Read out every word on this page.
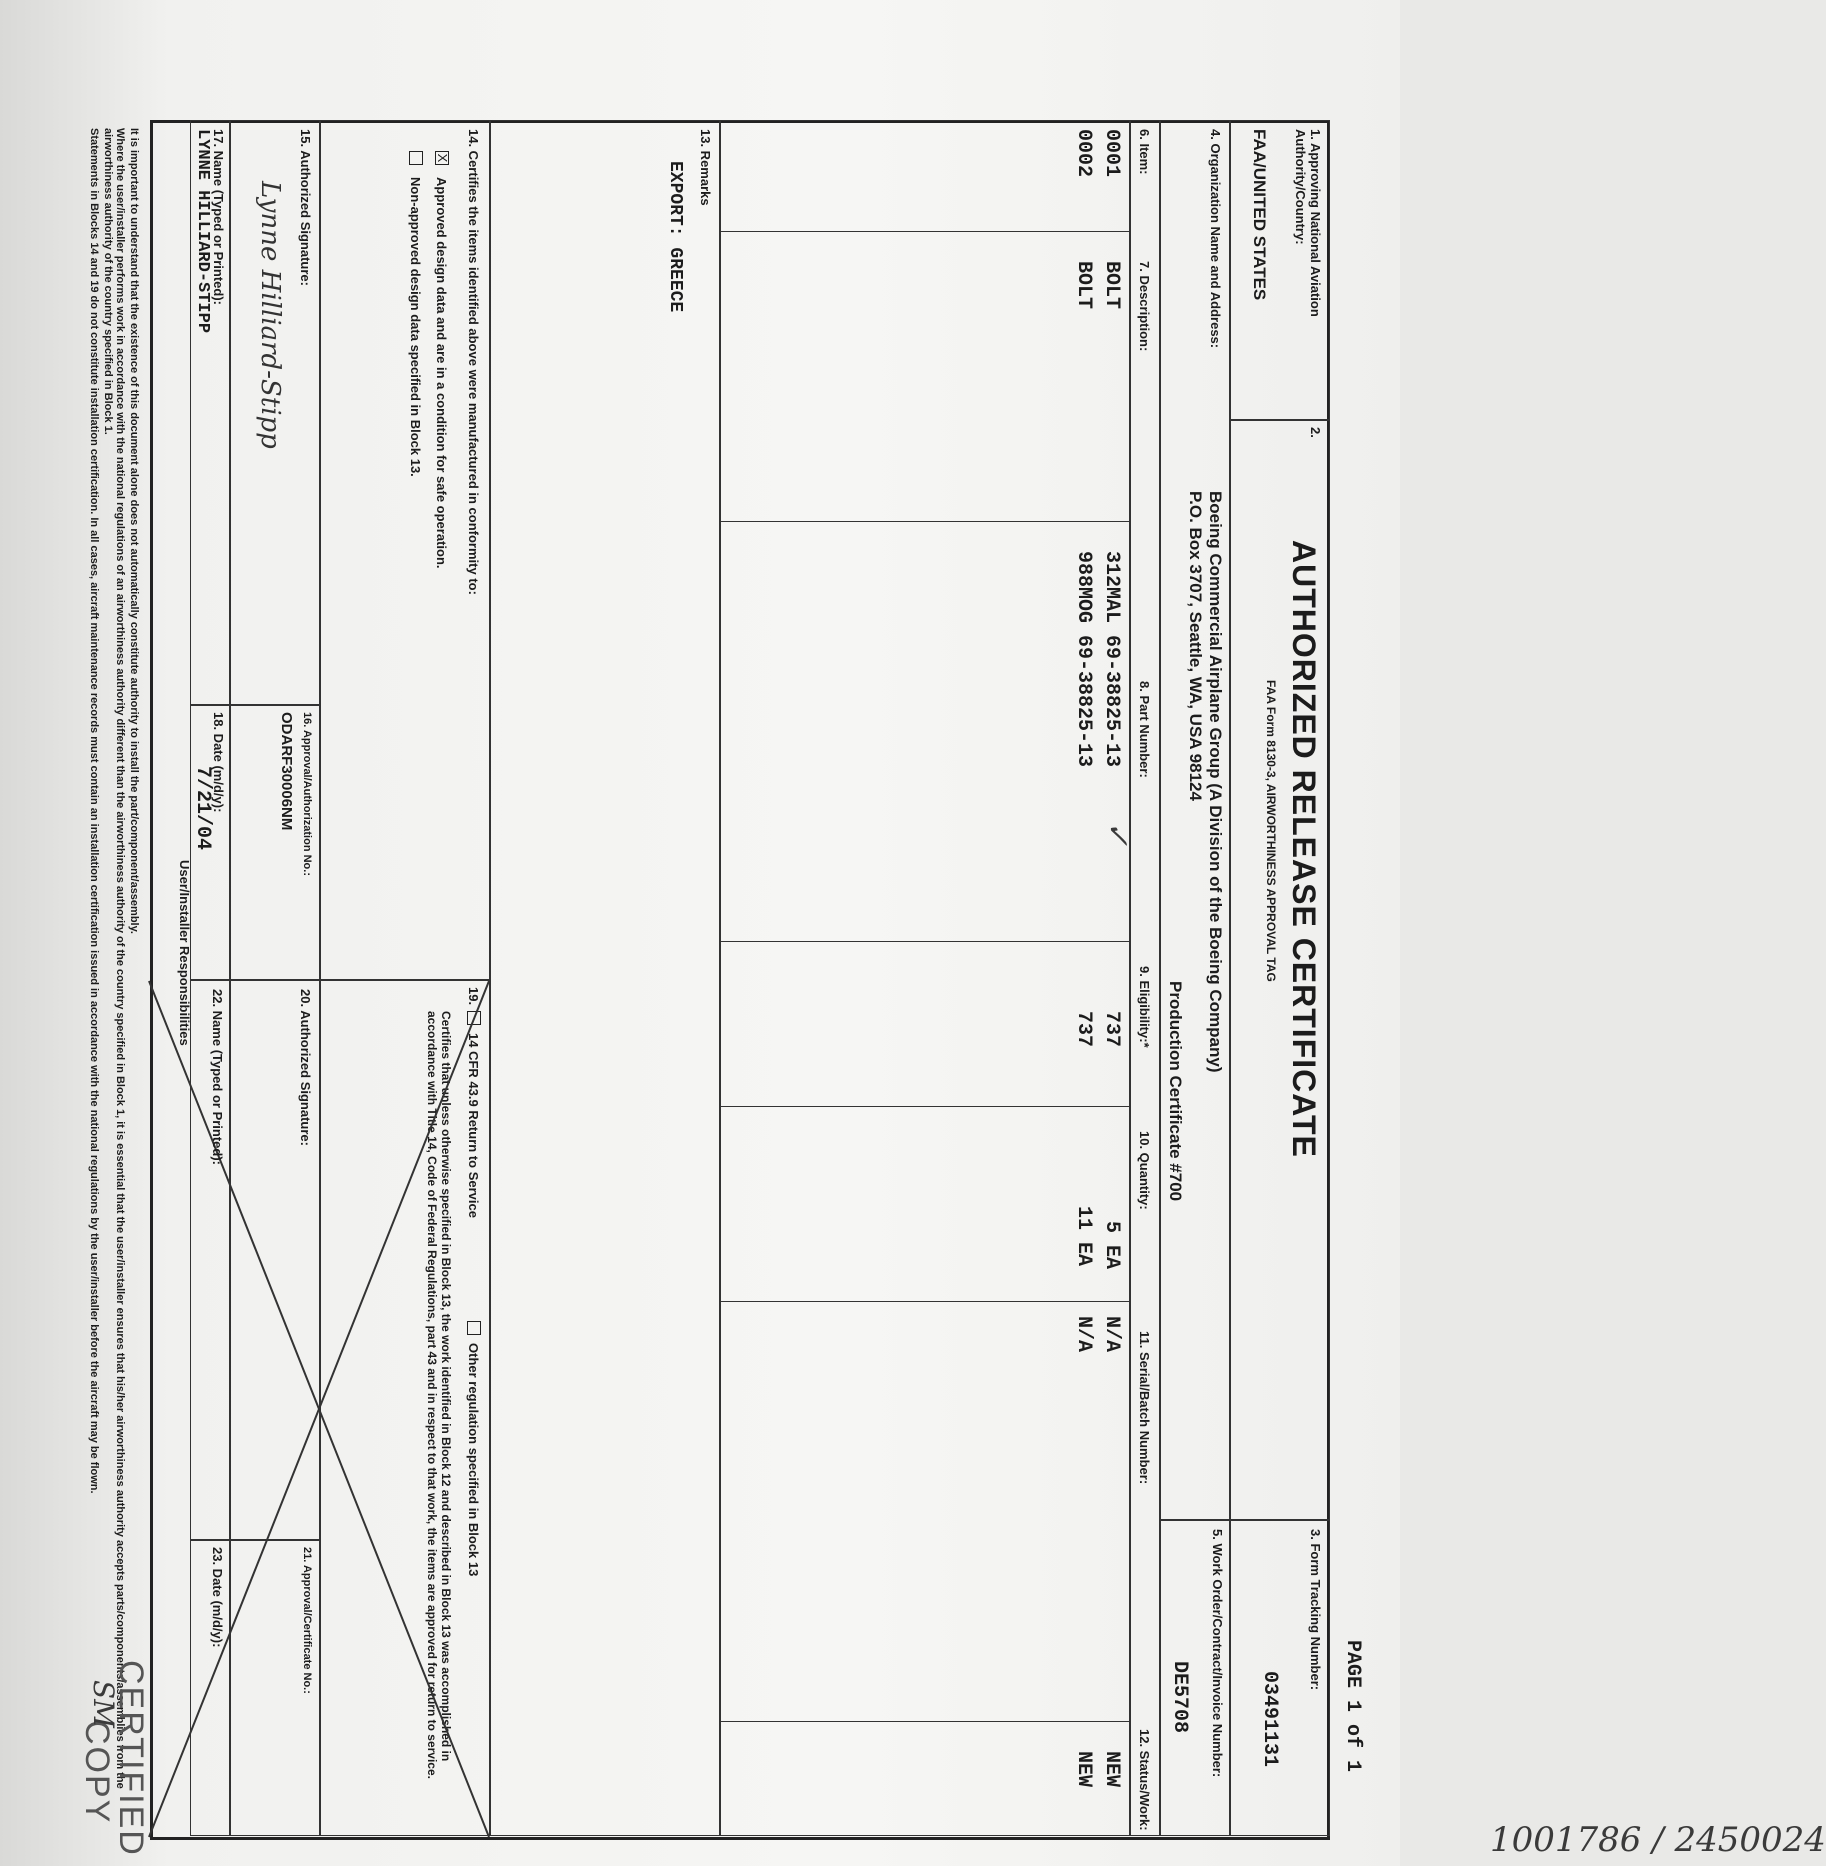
1. Approving National Aviation Authority/Country:
FAA/UNITED STATES
2.
AUTHORIZED RELEASE CERTIFICATE
FAA Form 8130-3, AIRWORTHINESS APPROVAL TAG
3. Form Tracking Number:
03491131
4. Organization Name and Address:
Boeing Commercial Airplane Group (A Division of the Boeing Company)
P.O. Box 3707, Seattle, WA, USA 98124
Production Certificate #700
5. Work Order/Contract/Invoice Number:
DE5708
6. Item:
7. Description:
8. Part Number:
9. Eligibility:*
10. Quantity:
11. Serial/Batch Number:
12. Status/Work:
0001
BOLT
312MAL 69-38825-13
737
5 EA
N/A
NEW
0002
BOLT
988MOG 69-38825-13
737
11 EA
N/A
NEW
✓
13. Remarks
EXPORT: GREECE
14. Certifies the items identified above were manufactured in conformity to:
X
Approved design data and are in a condition for safe operation.
Non-approved design data specified in Block 13.
19.
14 CFR 43.9 Return to Service
Other regulation specified in Block 13
Certifies that unless otherwise specified in Block 13, the work identified in Block 12 and described in Block 13 was accomplished in accordance with Title 14, Code of Federal Regulations, part 43 and in respect to that work, the items are approved for return to service.
15. Authorized Signature:
Lynne Hilliard-Stipp
16. Approval/Authorization No.:
ODARF30006NM
20. Authorized Signature:
21. Approval/Certificate No.:
17. Name (Typed or Printed):
LYNNE HILLIARD-STIPP
18. Date (m/d/y):
7/21/04
22. Name (Typed or Printed):
23. Date (m/d/y):
User/Installer Responsibilities
It is important to understand that the existence of this document alone does not automatically constitute authority to install the part/component/assembly.
Where the user/installer performs work in accordance with the national regulations of an airworthiness authority different than the airworthiness authority of the country specified in Block 1, it is essential that the user/installer ensures that his/her airworthiness authority accepts parts/components/assemblies from the airworthiness authority of the country specified in Block 1.
Statements in Blocks 14 and 19 do not constitute installation certification. In all cases, aircraft maintenance records must contain an installation certification issued in accordance with the national regulations by the user/installer before the aircraft may be flown.
CERTIFIED
COPY
SM	PAGE 1 of 1
1001786 / 2450024
